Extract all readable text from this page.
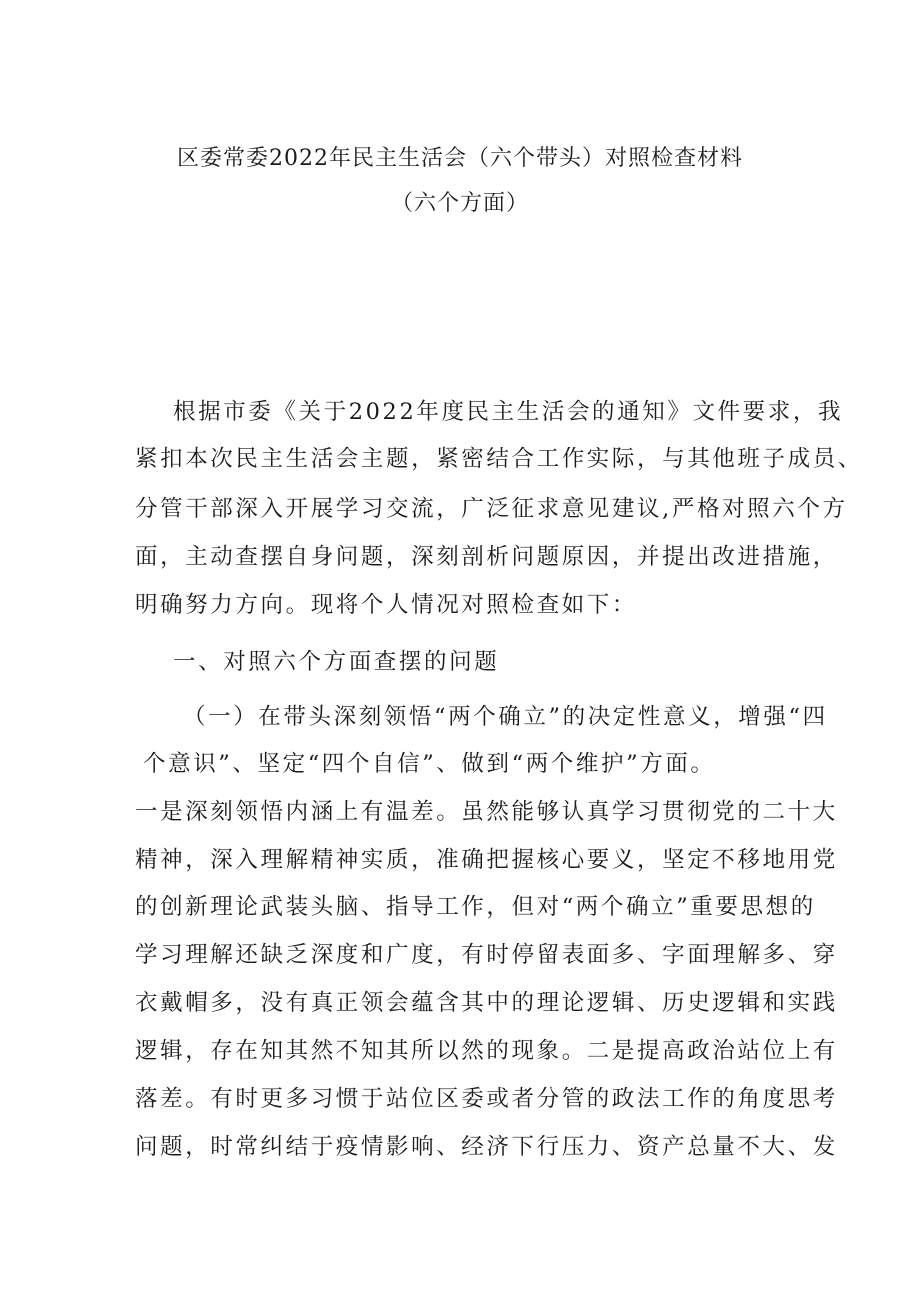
区委常委2022年民主生活会（六个带头）对照检查材料
（六个方面）
根据市委《关于2022年度民主生活会的通知》文件要求，我
紧扣本次民主生活会主题，紧密结合工作实际，与其他班子成员、
分管干部深入开展学习交流，广泛征求意见建议,严格对照六个方
面，主动查摆自身问题，深刻剖析问题原因，并提出改进措施，
明确努力方向。现将个人情况对照检查如下：
一、对照六个方面查摆的问题
（一）在带头深刻领悟“两个确立”的决定性意义，增强“四
个意识”、坚定“四个自信”、做到“两个维护”方面。
一是深刻领悟内涵上有温差。虽然能够认真学习贯彻党的二十大
精神，深入理解精神实质，准确把握核心要义，坚定不移地用党
的创新理论武装头脑、指导工作，但对“两个确立”重要思想的
学习理解还缺乏深度和广度，有时停留表面多、字面理解多、穿
衣戴帽多，没有真正领会蕴含其中的理论逻辑、历史逻辑和实践
逻辑，存在知其然不知其所以然的现象。二是提高政治站位上有
落差。有时更多习惯于站位区委或者分管的政法工作的角度思考
问题，时常纠结于疫情影响、经济下行压力、资产总量不大、发
